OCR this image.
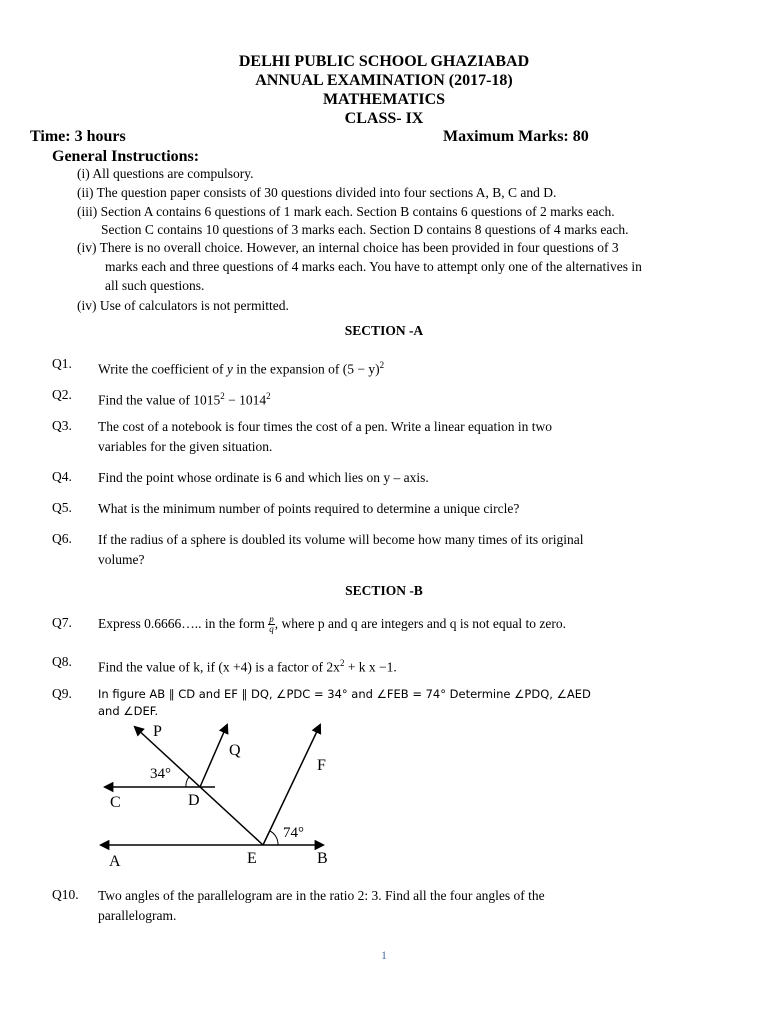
DELHI PUBLIC SCHOOL GHAZIABAD
ANNUAL EXAMINATION (2017-18)
MATHEMATICS
CLASS- IX
Time: 3 hours	Maximum Marks: 80
General Instructions:
(i) All questions are compulsory.
(ii) The question paper consists of 30 questions divided into four sections A, B, C and D.
(iii) Section A contains 6 questions of 1 mark each. Section B contains 6 questions of 2 marks each.
Section C contains 10 questions of 3 marks each. Section D contains 8 questions of 4 marks each.
(iv) There is no overall choice. However, an internal choice has been provided in four questions of 3
marks each and three questions of 4 marks each. You have to attempt only one of the alternatives in
all such questions.
(iv) Use of calculators is not permitted.
SECTION -A
Q1. Write the coefficient of y in the expansion of $(5 - y)^2$
Q2. Find the value of $1015^2 - 1014^2$
Q3. The cost of a notebook is four times the cost of a pen. Write a linear equation in two
variables for the given situation.
Q4. Find the point whose ordinate is 6 and which lies on y – axis.
Q5. What is the minimum number of points required to determine a unique circle?
Q6. If the radius of a sphere is doubled its volume will become how many times of its original
volume?
SECTION -B
Q7. Express 0.6666….. in the form $\frac{p}{q}$ , where p and q are integers and q is not equal to zero.
Q8. Find the value of k, if (x +4) is a factor of $2x^2 + k$ x −1.
Q9. In figure AB ∥ CD and EF ∥ DQ, ∠PDC = 34° and ∠FEB = 74° Determine ∠PDQ, ∠AED
and ∠DEF.
P
Q
F
C	D
A	E	B
34°
74°
Q10. Two angles of the parallelogram are in the ratio 2: 3. Find all the four angles of the
parallelogram.
1
